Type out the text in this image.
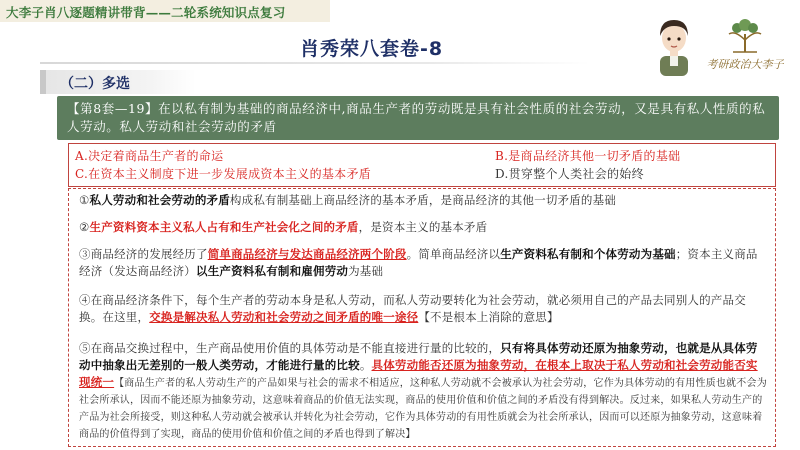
大李子肖八逐题精讲带背——二轮系统知识点复习
肖秀荣八套卷-8
（二）多选
考研政治大李子
【第8套—19】在以私有制为基础的商品经济中,商品生产者的劳动既是具有社会性质的社会劳动，又是具有私人性质的私人劳动。私人劳动和社会劳动的矛盾
A.决定着商品生产者的命运	B.是商品经济其他一切矛盾的基础
C.在资本主义制度下进一步发展成资本主义的基本矛盾	D.贯穿整个人类社会的始终
①私人劳动和社会劳动的矛盾构成私有制基础上商品经济的基本矛盾，是商品经济的其他一切矛盾的基础
②生产资料资本主义私人占有和生产社会化之间的矛盾，是资本主义的基本矛盾
③商品经济的发展经历了简单商品经济与发达商品经济两个阶段。简单商品经济以生产资料私有制和个体劳动为基础；资本主义商品经济（发达商品经济）以生产资料私有制和雇佣劳动为基础
④在商品经济条件下，每个生产者的劳动本身是私人劳动，而私人劳动要转化为社会劳动，就必须用自己的产品去同别人的产品交换。在这里，交换是解决私人劳动和社会劳动之间矛盾的唯一途径【不是根本上消除的意思】
⑤在商品交换过程中，生产商品使用价值的具体劳动是不能直接进行量的比较的，只有将具体劳动还原为抽象劳动，也就是从具体劳动中抽象出无差别的一般人类劳动，才能进行量的比较。具体劳动能否还原为抽象劳动，在根本上取决于私人劳动和社会劳动能否实现统一【商品生产者的私人劳动生产的产品如果与社会的需求不相适应，这种私人劳动就不会被承认为社会劳动，它作为具体劳动的有用性质也就不会为社会所承认，因而不能还原为抽象劳动，这意味着商品的价值无法实现，商品的使用价值和价值之间的矛盾没有得到解决。反过来，如果私人劳动生产的产品为社会所接受，则这种私人劳动就会被承认并转化为社会劳动，它作为具体劳动的有用性质就会为社会所承认，因而可以还原为抽象劳动，这意味着商品的价值得到了实现，商品的使用价值和价值之间的矛盾也得到了解决】
